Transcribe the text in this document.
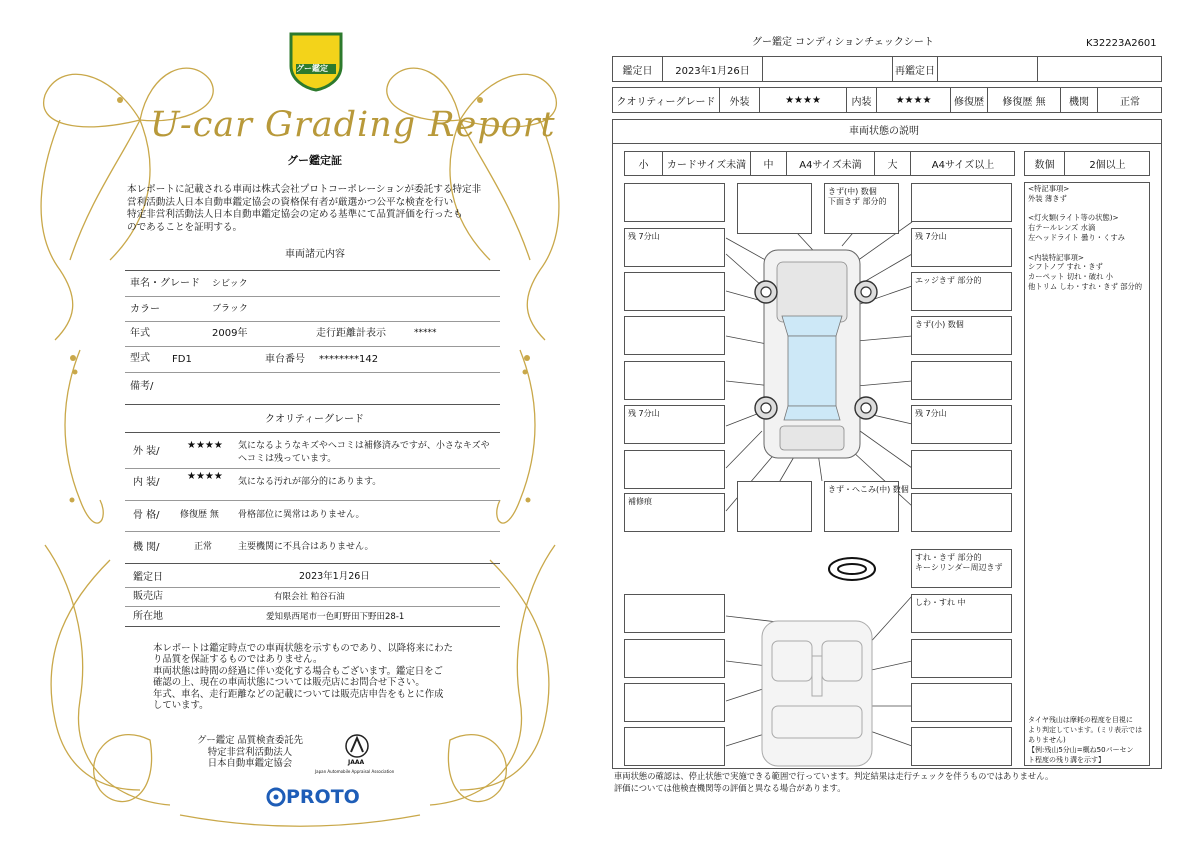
グー鑑定
U-car Grading Report
グー鑑定証
本レポートに記載される車両は株式会社プロトコーポレーションが委託する特定非
営利活動法人日本自動車鑑定協会の資格保有者が厳選かつ公平な検査を行い
特定非営利活動法人日本自動車鑑定協会の定める基準にて品質評価を行ったも
のであることを証明する。
車両諸元内容
車名・グレード シビック
カラー	ブラック
年式	2009年	走行距離計表示	*****
型式 FD1	車台番号 ********142
備考/
クオリティーグレード
外 装/
★★★★ 気になるようなキズやヘコミは補修済みですが、小さなキズや
ヘコミは残っています。
内 装/
★★★★ 気になる汚れが部分的にあります。
骨 格/ 修復歴 無 骨格部位に異常はありません。
機 関/	正常	主要機関に不具合はありません。
鑑定日	2023年1月26日
販売店	有限会社 粕谷石油
所在地	愛知県西尾市一色町野田下野田28-1
本レポートは鑑定時点での車両状態を示すものであり、以降将来にわた
り品質を保証するものではありません。
車両状態は時間の経過に伴い変化する場合もございます。鑑定日をご
確認の上、現在の車両状態については販売店にお問合せ下さい。
年式、車名、走行距離などの記載については販売店申告をもとに作成
しています。
グー鑑定 品質検査委託先
特定非営利活動法人
日本自動車鑑定協会	JAAA
Japan Automobile Appraisal Association
PROTO
グー鑑定 コンディションチェックシート	K32223A2601
鑑定日	2023年1月26日	再鑑定日
クオリティーグレード	外装	★★★★	内装	★★★★	修復歴	修復歴 無	機関	正常
車両状態の説明
小	カードサイズ未満	中	A4サイズ未満	大	A4サイズ以上	数個	2個以上
<特記事項>
外装 薄きず
<灯火類(ライト等の状態)>
右テールレンズ 水滴
左ヘッドライト 曇り・くすみ
<内装特記事項>
シフトノブ すれ・きず
カーペット 切れ・破れ 小
他トリム しわ・すれ・きず 部分的
タイヤ残山は摩耗の程度を目視に
より判定しています。(ミリ表示では
ありません)
【例:残山5分山=概ね50パーセン
ト程度の残り溝を示す】
残 7分山
残 7分山
補修痕
きず(中) 数個
下面きず 部分的
残 7分山
エッジきず 部分的
きず(小) 数個
残 7分山
きず・へこみ(中) 数個
すれ・きず 部分的
キーシリンダー周辺きず
しわ・すれ 中
車両状態の確認は、停止状態で実施できる範囲で行っています。判定結果は走行チェックを伴うものではありません。
評価については他検査機関等の評価と異なる場合があります。
